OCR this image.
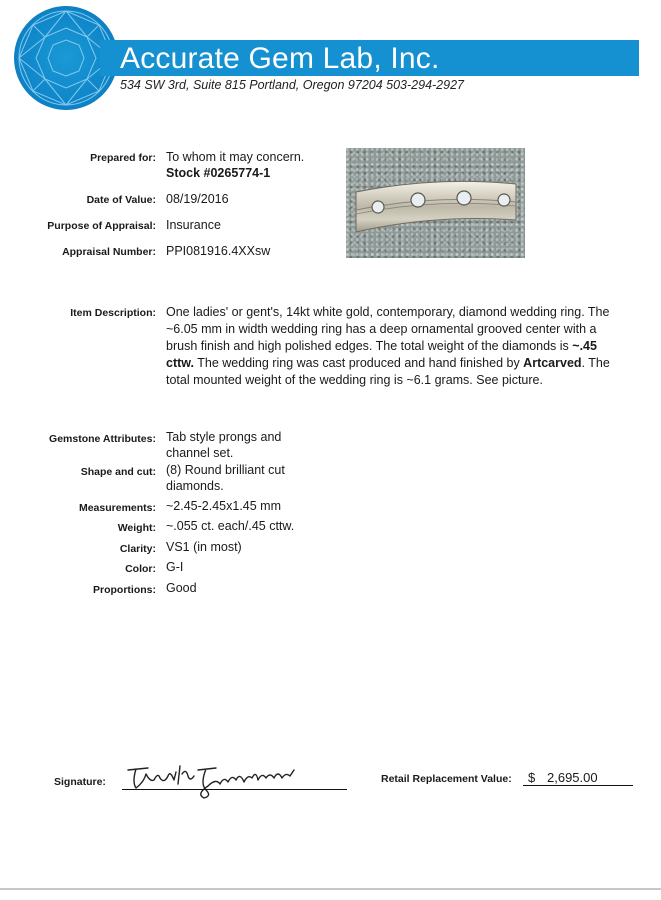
Accurate Gem Lab, Inc.
534 SW 3rd, Suite 815 Portland, Oregon 97204 503-294-2927
Prepared for: To whom it may concern.
Stock #0265774-1
Date of Value: 08/19/2016
Purpose of Appraisal: Insurance
Appraisal Number: PPI081916.4XXsw
Item Description: One ladies' or gent's, 14kt white gold, contemporary, diamond wedding ring. The ~6.05 mm in width wedding ring has a deep ornamental grooved center with a brush finish and high polished edges. The total weight of the diamonds is ~.45 cttw. The wedding ring was cast produced and hand finished by Artcarved. The total mounted weight of the wedding ring is ~6.1 grams. See picture.
Gemstone Attributes: Tab style prongs and
channel set.
Shape and cut: (8) Round brilliant cut
diamonds.
Measurements: ~2.45-2.45x1.45 mm
Weight: ~.055 ct. each/.45 cttw.
Clarity: VS1 (in most)
Color: G-I
Proportions: Good
Signature:	Retail Replacement Value: $ 2,695.00
